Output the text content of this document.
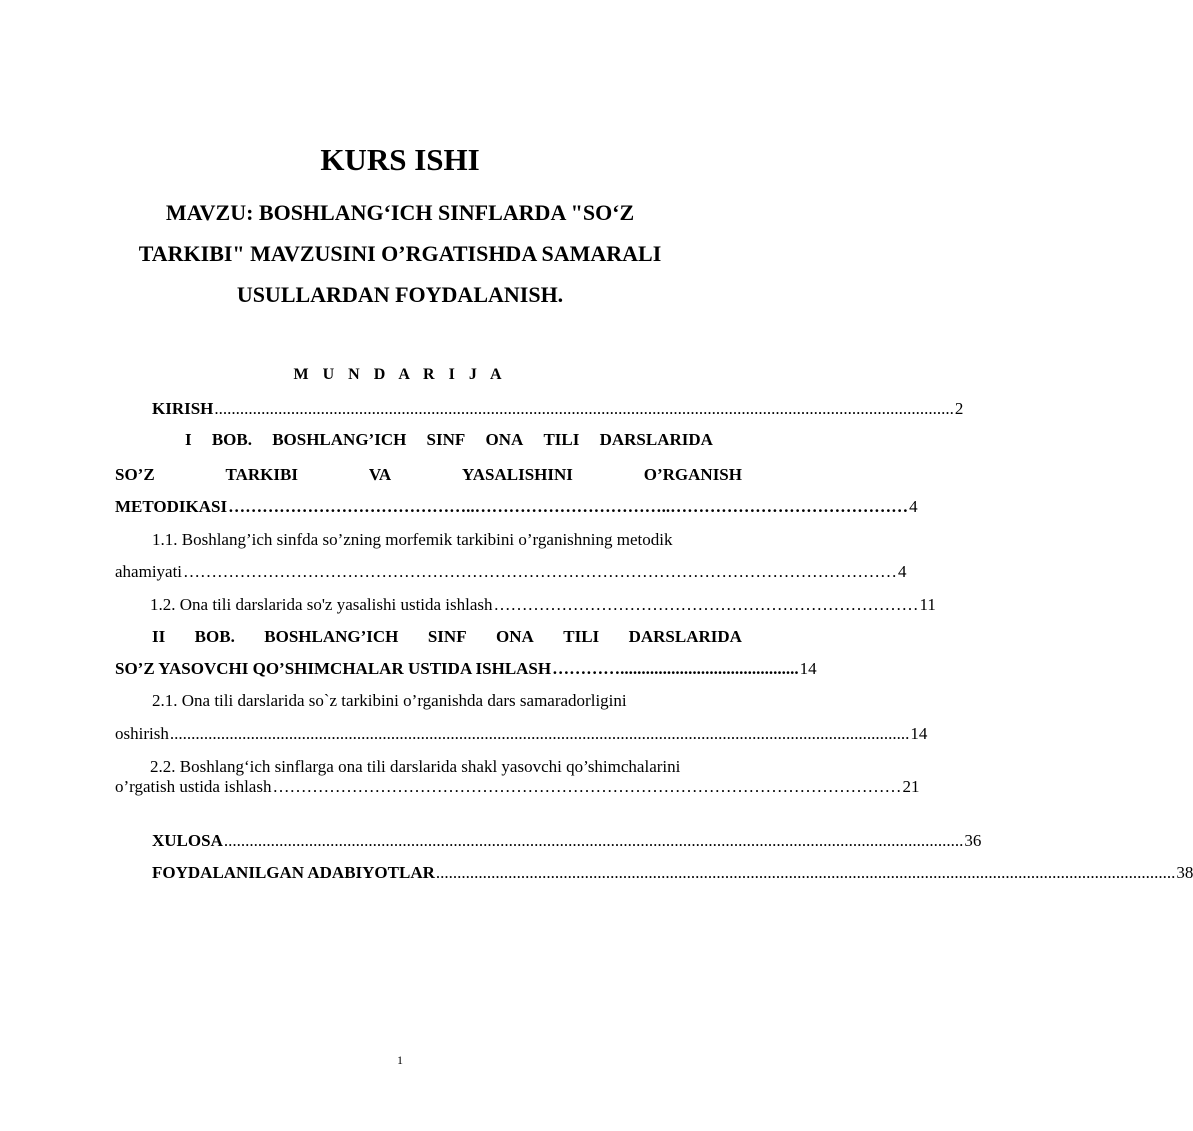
KURS ISHI
MAVZU: BOSHLANG‘ICH SINFLARDA "SO‘Z
TARKIBI" MAVZUSINI O’RGATISHDA SAMARALI
USULLARDAN FOYDALANISH.
M U N D A R I J A
KIRISH .............................................................................................................................................................................. 2
I BOB. BOSHLANG’ICH SINF ONA TILI DARSLARIDA
SO’Z	TARKIBI	VA	YASALISHINI	O’RGANISH
METODIKASI ……………………………………..……………………………..…………………………………… 4
1.1. Boshlang’ich sinfda so’zning morfemik tarkibini o’rganishning metodik
ahamiyati ……………………………………………………………………………………………………………… 4
1.2. Ona tili darslarida so'z yasalishi ustida ishlash ………………………………………………………………… 11
II BOB. BOSHLANG’ICH SINF ONA TILI DARSLARIDA
SO’Z YASOVCHI QO’SHIMCHALAR USTIDA ISHLASH ………….......................................... 14
2.1. Ona tili darslarida so`z tarkibini o’rganishda dars samaradorligini
oshirish .............................................................................................................................................................................. 14
2.2. Boshlang‘ich sinflarga ona tili darslarida shakl yasovchi qo’shimchalarini
o’rgatish ustida ishlash ………………………………………………………………………………………………… 21
XULOSA .............................................................................................................................................................................. 36
FOYDALANILGAN ADABIYOTLAR .............................................................................................................................................................................. 38
1
